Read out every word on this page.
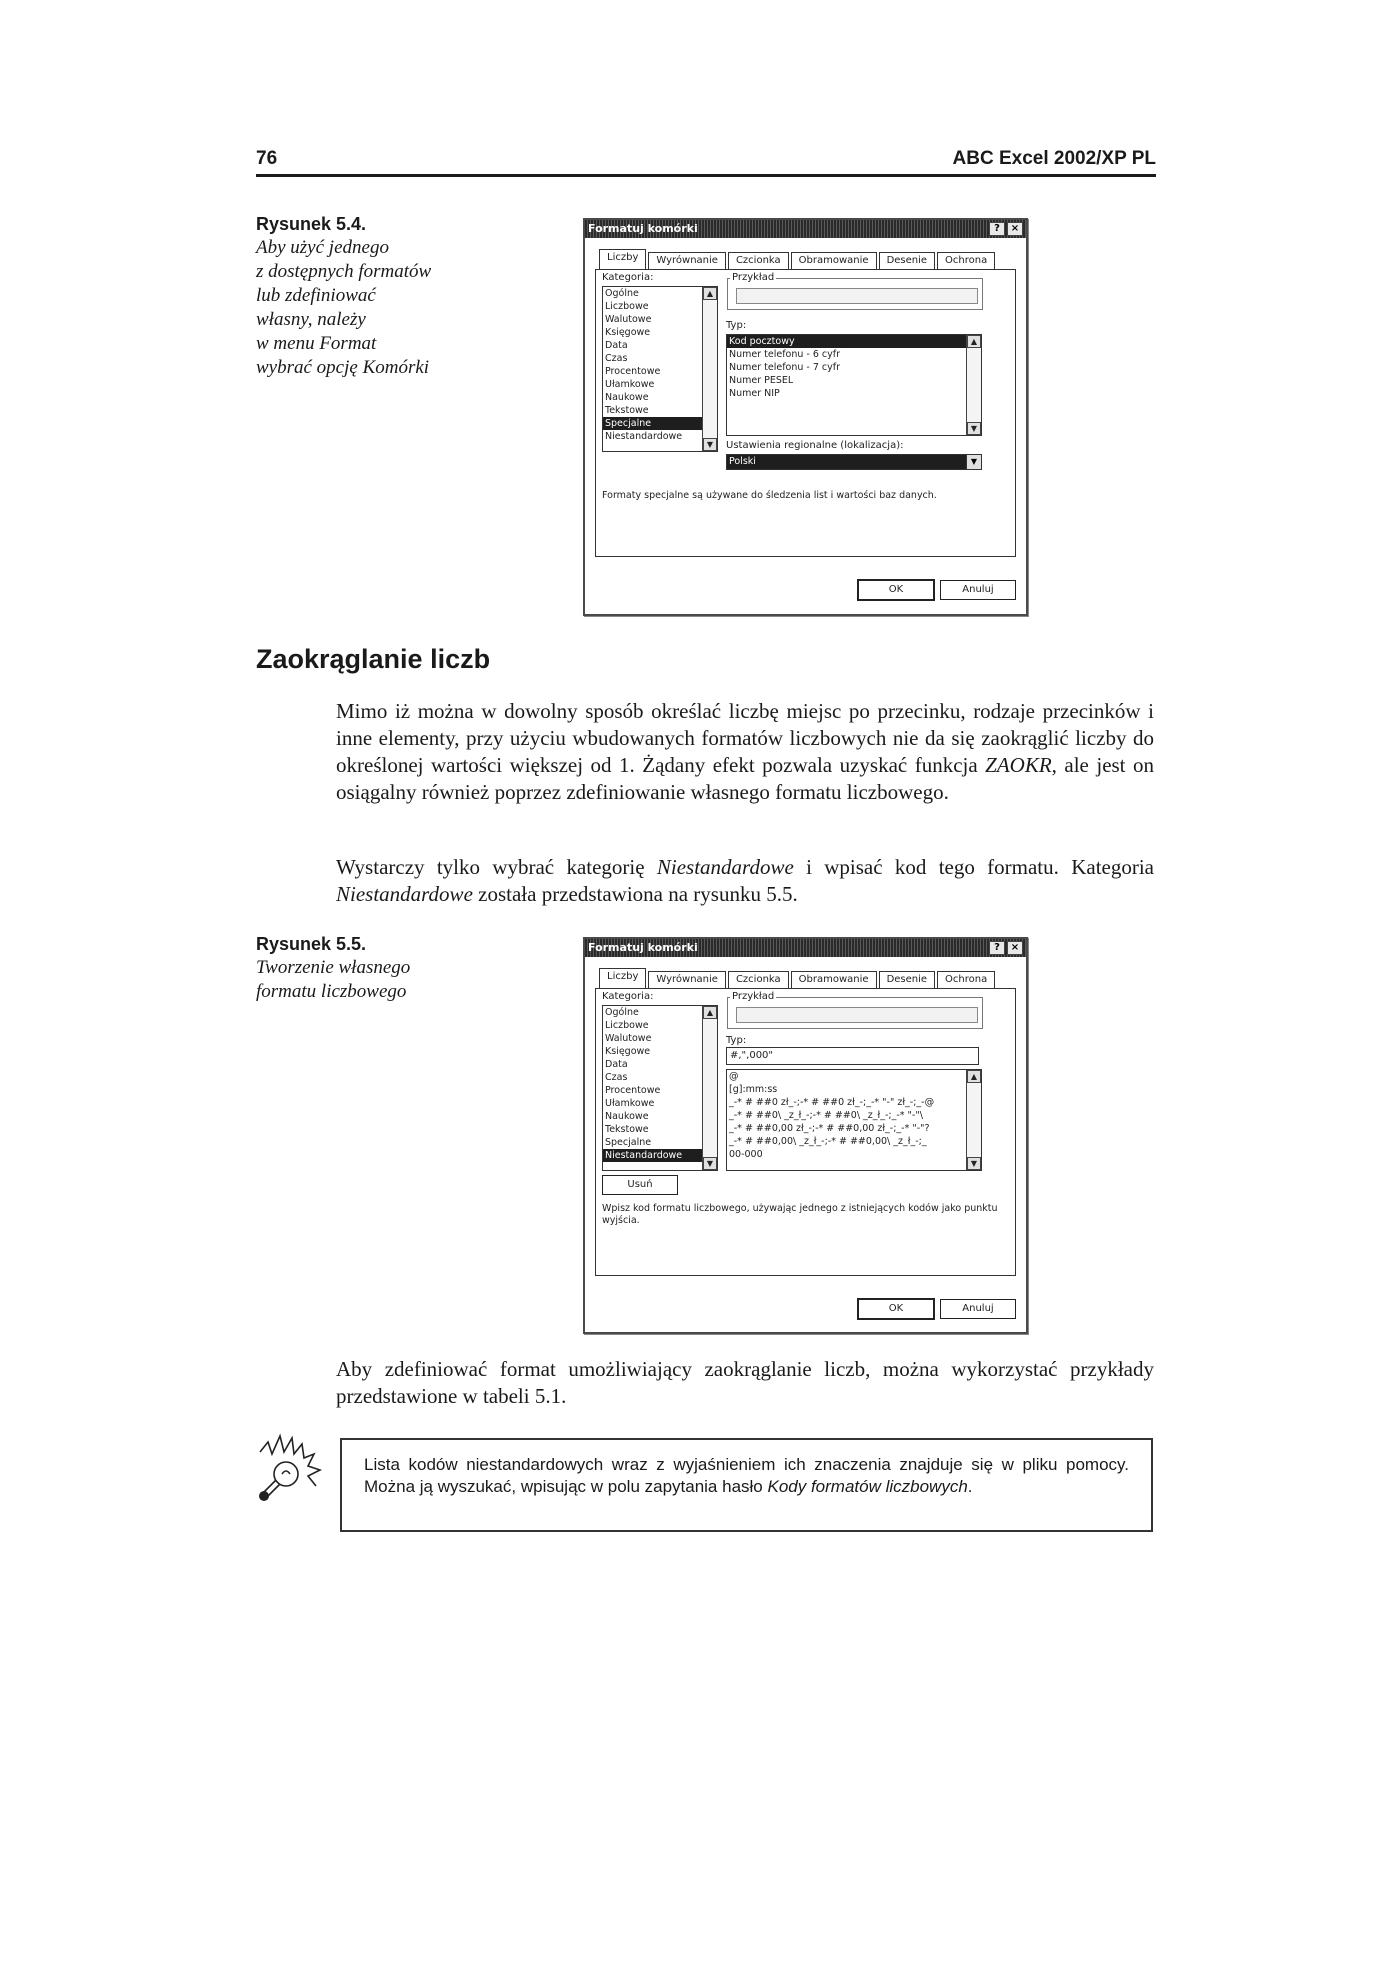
76	ABC Excel 2002/XP PL
Rysunek 5.4.
Aby użyć jednego
z dostępnych formatów
lub zdefiniować
własny, należy
w menu Format
wybrać opcję Komórki
Formatuj komórki	?	×
Liczby	Wyrównanie	Czcionka	Obramowanie	Desenie	Ochrona
Kategoria:
Ogólne
Liczbowe
Walutowe
Księgowe
Data
Czas
Procentowe
Ułamkowe
Naukowe
Tekstowe
Specjalne
Niestandardowe
▲
▼
Przykład
Typ:
Kod pocztowy
Numer telefonu - 6 cyfr
Numer telefonu - 7 cyfr
Numer PESEL
Numer NIP
▲
▼
Ustawienia regionalne (lokalizacja):
Polski	▼
Formaty specjalne są używane do śledzenia list i wartości baz danych.
OK	Anuluj
Zaokrąglanie liczb

Mimo iż można w dowolny sposób określać liczbę miejsc po przecinku, rodzaje przecinków i inne elementy, przy użyciu wbudowanych formatów liczbowych nie da się zaokrąglić liczby do określonej wartości większej od 1. Żądany efekt pozwala uzyskać funkcja ZAOKR, ale jest on osiągalny również poprzez zdefiniowanie własnego formatu liczbowego.

Wystarczy tylko wybrać kategorię Niestandardowe i wpisać kod tego formatu. Kategoria Niestandardowe została przedstawiona na rysunku 5.5.

Rysunek 5.5.
Tworzenie własnego
formatu liczbowego
Formatuj komórki	?	×
Liczby	Wyrównanie	Czcionka	Obramowanie	Desenie	Ochrona
Kategoria:
Ogólne
Liczbowe
Walutowe
Księgowe
Data
Czas
Procentowe
Ułamkowe
Naukowe
Tekstowe
Specjalne
Niestandardowe
▲
▼
Przykład
Typ:
#,",000"
@
[g]:mm:ss
_-* # ##0 zł_-;-* # ##0 zł_-;_-* "-" zł_-;_-@
_-* # ##0\ _z_ł_-;-* # ##0\ _z_ł_-;_-* "-"\
_-* # ##0,00 zł_-;-* # ##0,00 zł_-;_-* "-"?
_-* # ##0,00\ _z_ł_-;-* # ##0,00\ _z_ł_-;_
00-000
▲
▼
Usuń
Wpisz kod formatu liczbowego, używając jednego z istniejących kodów jako punktu wyjścia.
OK	Anuluj
Aby zdefiniować format umożliwiający zaokrąglanie liczb, można wykorzystać przykłady przedstawione w tabeli 5.1.
Lista kodów niestandardowych wraz z wyjaśnieniem ich znaczenia znajduje się w pliku pomocy. Można ją wyszukać, wpisując w polu zapytania hasło Kody formatów liczbowych.
